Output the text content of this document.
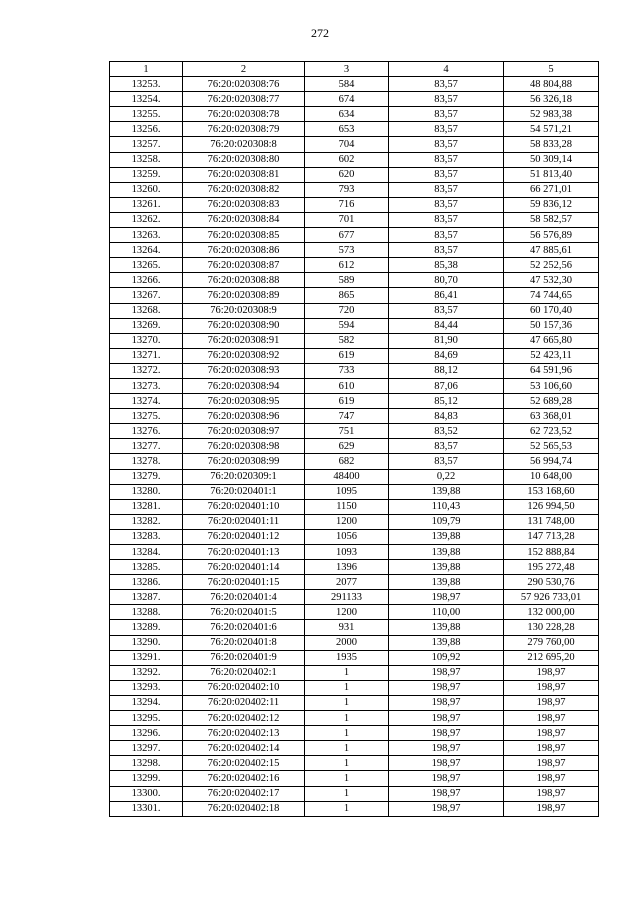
272
1	2	3	4	5
13253.	76:20:020308:76	584	83,57	48 804,88
13254.	76:20:020308:77	674	83,57	56 326,18
13255.	76:20:020308:78	634	83,57	52 983,38
13256.	76:20:020308:79	653	83,57	54 571,21
13257.	76:20:020308:8	704	83,57	58 833,28
13258.	76:20:020308:80	602	83,57	50 309,14
13259.	76:20:020308:81	620	83,57	51 813,40
13260.	76:20:020308:82	793	83,57	66 271,01
13261.	76:20:020308:83	716	83,57	59 836,12
13262.	76:20:020308:84	701	83,57	58 582,57
13263.	76:20:020308:85	677	83,57	56 576,89
13264.	76:20:020308:86	573	83,57	47 885,61
13265.	76:20:020308:87	612	85,38	52 252,56
13266.	76:20:020308:88	589	80,70	47 532,30
13267.	76:20:020308:89	865	86,41	74 744,65
13268.	76:20:020308:9	720	83,57	60 170,40
13269.	76:20:020308:90	594	84,44	50 157,36
13270.	76:20:020308:91	582	81,90	47 665,80
13271.	76:20:020308:92	619	84,69	52 423,11
13272.	76:20:020308:93	733	88,12	64 591,96
13273.	76:20:020308:94	610	87,06	53 106,60
13274.	76:20:020308:95	619	85,12	52 689,28
13275.	76:20:020308:96	747	84,83	63 368,01
13276.	76:20:020308:97	751	83,52	62 723,52
13277.	76:20:020308:98	629	83,57	52 565,53
13278.	76:20:020308:99	682	83,57	56 994,74
13279.	76:20:020309:1	48400	0,22	10 648,00
13280.	76:20:020401:1	1095	139,88	153 168,60
13281.	76:20:020401:10	1150	110,43	126 994,50
13282.	76:20:020401:11	1200	109,79	131 748,00
13283.	76:20:020401:12	1056	139,88	147 713,28
13284.	76:20:020401:13	1093	139,88	152 888,84
13285.	76:20:020401:14	1396	139,88	195 272,48
13286.	76:20:020401:15	2077	139,88	290 530,76
13287.	76:20:020401:4	291133	198,97	57 926 733,01
13288.	76:20:020401:5	1200	110,00	132 000,00
13289.	76:20:020401:6	931	139,88	130 228,28
13290.	76:20:020401:8	2000	139,88	279 760,00
13291.	76:20:020401:9	1935	109,92	212 695,20
13292.	76:20:020402:1	1	198,97	198,97
13293.	76:20:020402:10	1	198,97	198,97
13294.	76:20:020402:11	1	198,97	198,97
13295.	76:20:020402:12	1	198,97	198,97
13296.	76:20:020402:13	1	198,97	198,97
13297.	76:20:020402:14	1	198,97	198,97
13298.	76:20:020402:15	1	198,97	198,97
13299.	76:20:020402:16	1	198,97	198,97
13300.	76:20:020402:17	1	198,97	198,97
13301.	76:20:020402:18	1	198,97	198,97
